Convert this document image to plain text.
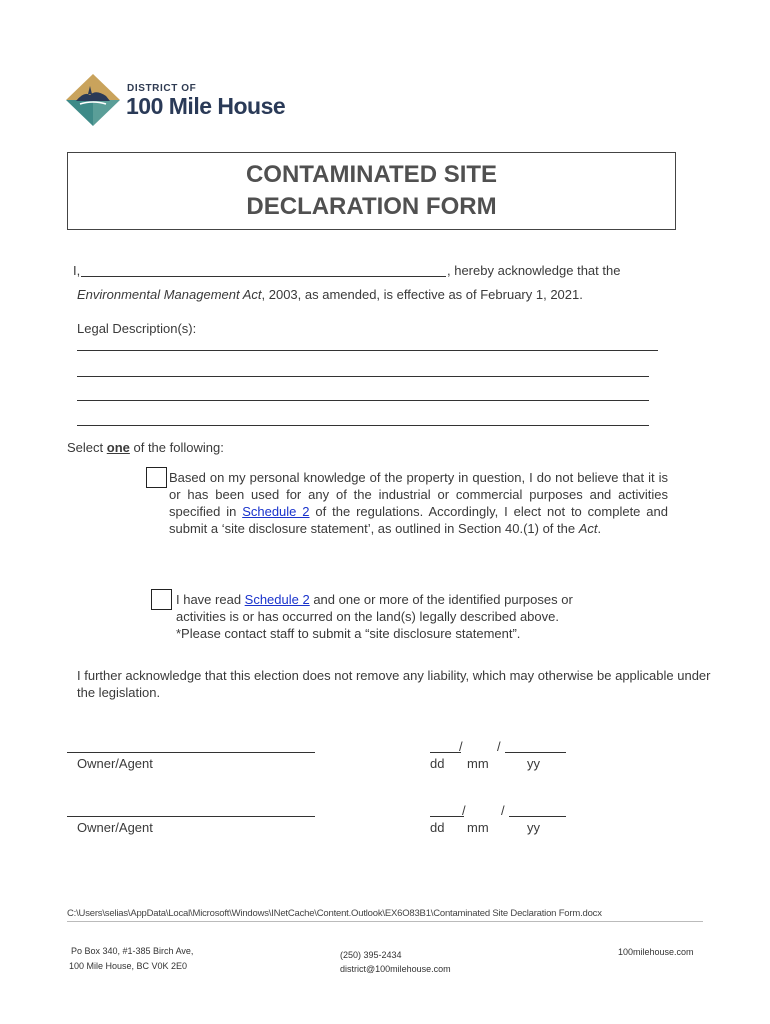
DISTRICT OF
100 Mile House
CONTAMINATED SITE
DECLARATION FORM
I,	, hereby acknowledge that the
Environmental Management Act, 2003, as amended, is effective as of February 1, 2021.
Legal Description(s):
Select one of the following:
Based on my personal knowledge of the property in question, I do not believe that it is or has been used for any of the industrial or commercial purposes and activities specified in Schedule 2 of the regulations. Accordingly, I elect not to complete and submit a ‘site disclosure statement’, as outlined in Section 40.(1) of the Act.
I have read Schedule 2 and one or more of the identified purposes or activities is or has occurred on the land(s) legally described above.
*Please contact staff to submit a “site disclosure statement”.
I further acknowledge that this election does not remove any liability, which may otherwise be applicable under the legislation.
Owner/Agent
/	/
dd mm	yy
Owner/Agent
/	/
dd mm	yy
C:\Users\selias\AppData\Local\Microsoft\Windows\INetCache\Content.Outlook\EX6O83B1\Contaminated Site Declaration Form.docx
Po Box 340, #1-385 Birch Ave,
100 Mile House, BC V0K 2E0
(250) 395-2434
district@100milehouse.com
100milehouse.com
